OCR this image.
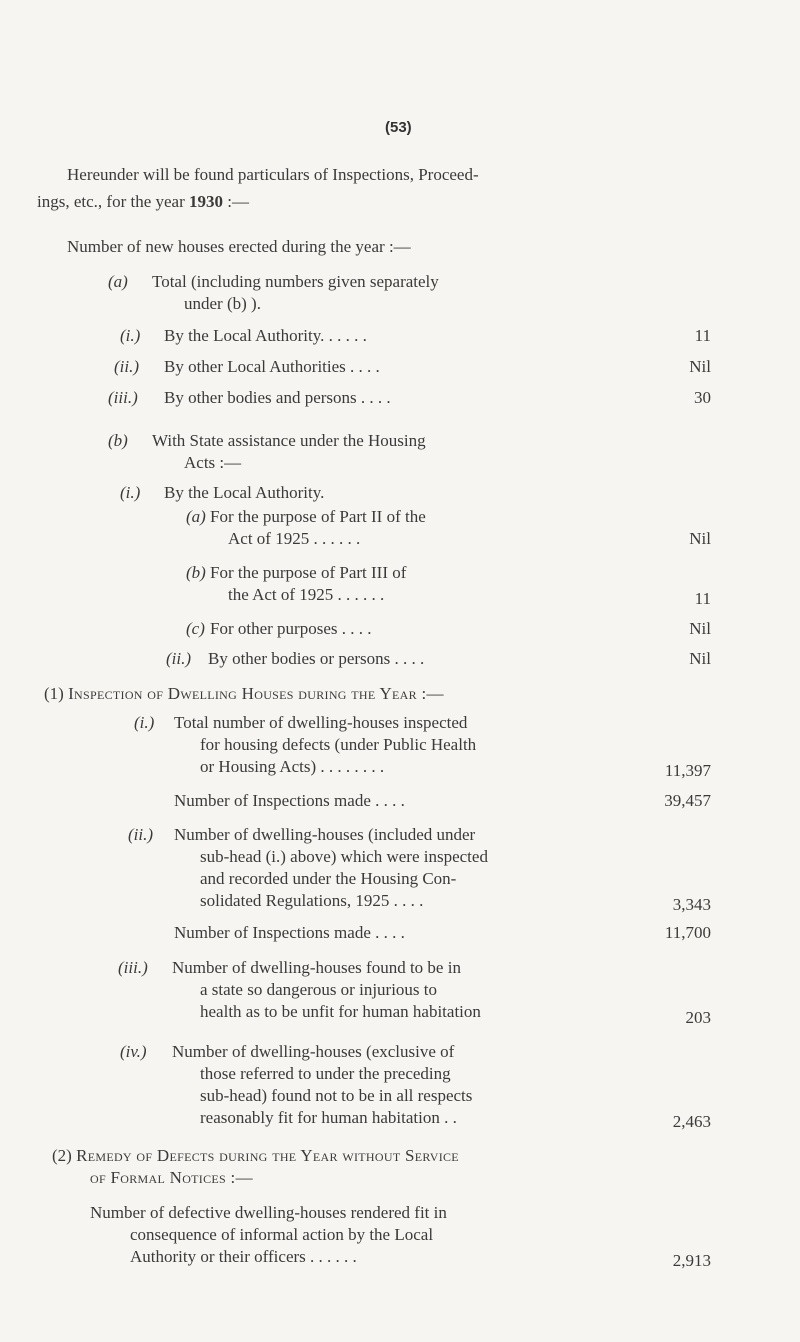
(53)
Hereunder will be found particulars of Inspections, Proceed-
ings, etc., for the year 1930 :—
Number of new houses erected during the year :—
(a) Total (including numbers given separately
under (b) ).
(i.) By the Local Authority. . . . . .	11
(ii.) By other Local Authorities . . . .	Nil
(iii.) By other bodies and persons . . . .	30
(b) With State assistance under the Housing
Acts :—
(i.) By the Local Authority.
(a) For the purpose of Part II of the
Act of 1925 . . . . . .	Nil
(b) For the purpose of Part III of
the Act of 1925 . . . . . .	11
(c) For other purposes . . . .	Nil
(ii.) By other bodies or persons . . . .	Nil
(1) Inspection of Dwelling Houses during the Year :—
(i.) Total number of dwelling-houses inspected
for housing defects (under Public Health
or Housing Acts) . . . . . . . .	11,397
Number of Inspections made . . . .	39,457
(ii.) Number of dwelling-houses (included under
sub-head (i.) above) which were inspected
and recorded under the Housing Con-
solidated Regulations, 1925 . . . .	3,343
Number of Inspections made . . . .	11,700
(iii.) Number of dwelling-houses found to be in
a state so dangerous or injurious to
health as to be unfit for human habitation	203
(iv.) Number of dwelling-houses (exclusive of
those referred to under the preceding
sub-head) found not to be in all respects
reasonably fit for human habitation . .	2,463
(2) Remedy of Defects during the Year without Service
of Formal Notices :—
Number of defective dwelling-houses rendered fit in
consequence of informal action by the Local
Authority or their officers . . . . . .	2,913
